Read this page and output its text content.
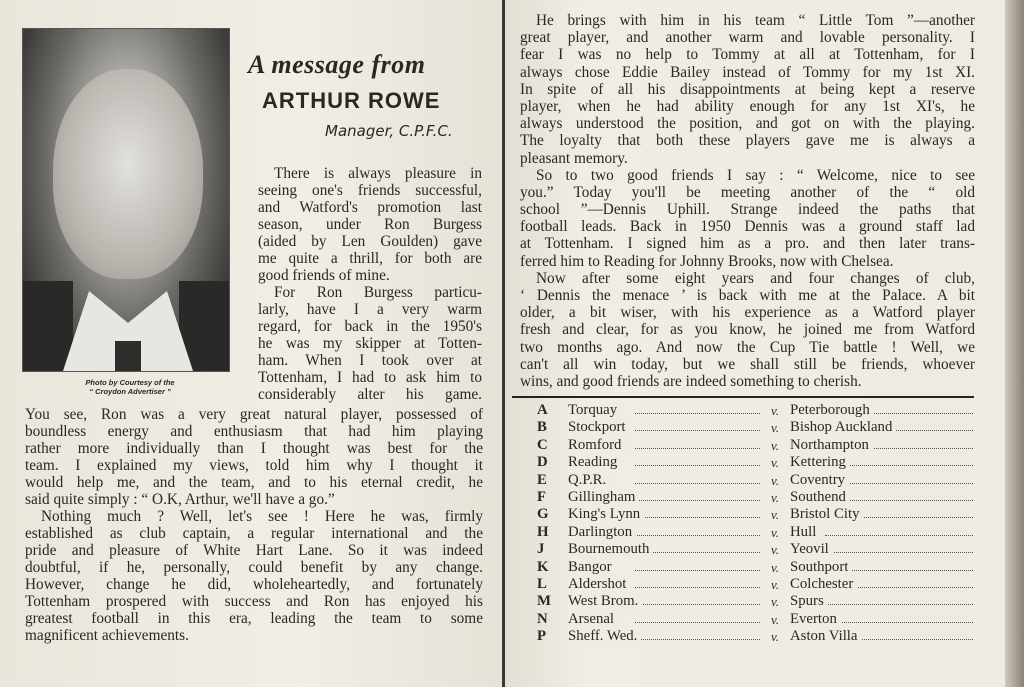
Photo by Courtesy of the
“ Croydon Advertiser ”
A message from
ARTHUR ROWE
Manager, C.P.F.C.
There is always pleasure in
seeing one's friends successful,
and Watford's promotion last
season, under Ron Burgess
(aided by Len Goulden) gave
me quite a thrill, for both are
good friends of mine.
For Ron Burgess particu-
larly, have I a very warm
regard, for back in the 1950's
he was my skipper at Totten-
ham. When I took over at
Tottenham, I had to ask him to
considerably alter his game.
You see, Ron was a very great natural player, possessed of
boundless energy and enthusiasm that had him playing
rather more individually than I thought was best for the
team. I explained my views, told him why I thought it
would help me, and the team, and to his eternal credit, he
said quite simply : “ O.K, Arthur, we'll have a go.”
Nothing much ? Well, let's see ! Here he was, firmly
established as club captain, a regular international and the
pride and pleasure of White Hart Lane. So it was indeed
doubtful, if he, personally, could benefit by any change.
However, change he did, wholeheartedly, and fortunately
Tottenham prospered with success and Ron has enjoyed his
greatest football in this era, leading the team to some
magnificent achievements.
He brings with him in his team “ Little Tom ”—another
great player, and another warm and lovable personality. I
fear I was no help to Tommy at all at Tottenham, for I
always chose Eddie Bailey instead of Tommy for my 1st XI.
In spite of all his disappointments at being kept a reserve
player, when he had ability enough for any 1st XI's, he
always understood the position, and got on with the playing.
The loyalty that both these players gave me is always a
pleasant memory.
So to two good friends I say : “ Welcome, nice to see
you.” Today you'll be meeting another of the “ old
school ”—Dennis Uphill. Strange indeed the paths that
football leads. Back in 1950 Dennis was a ground staff lad
at Tottenham. I signed him as a pro. and then later trans-
ferred him to Reading for Johnny Brooks, now with Chelsea.
Now after some eight years and four changes of club,
‘ Dennis the menace ’ is back with me at the Palace. A bit
older, a bit wiser, with his experience as a Watford player
fresh and clear, for as you know, he joined me from Watford
two months ago. And now the Cup Tie battle ! Well, we
can't all win today, but we shall still be friends, whoever
wins, and good friends are indeed something to cherish.
A Torquay	v. Peterborough
B Stockport	v. Bishop Auckland
C Romford	v. Northampton
D Reading	v. Kettering
E Q.P.R.	v. Coventry
F Gillingham	v. Southend
G King's Lynn	v. Bristol City
H Darlington	v. Hull
J Bournemouth	v. Yeovil
K Bangor	v. Southport
L Aldershot	v. Colchester
M West Brom.	v. Spurs
N Arsenal	v. Everton
P Sheff. Wed.	v. Aston Villa
